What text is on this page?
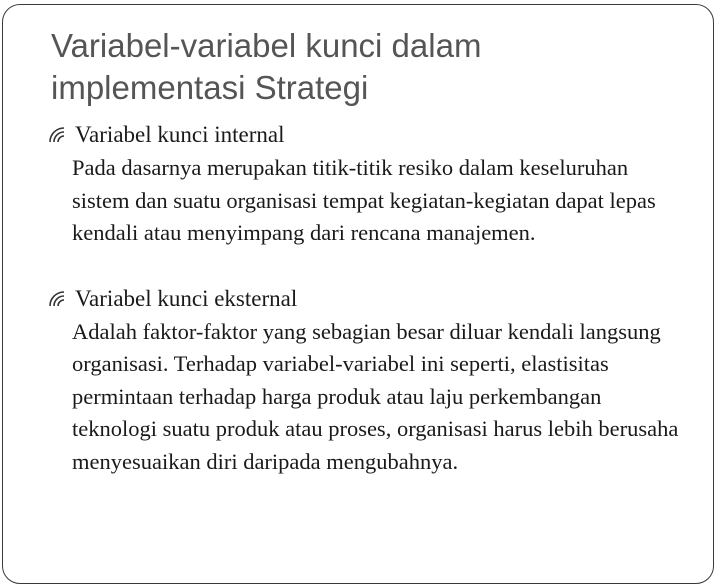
Variabel-variabel kunci dalam
implementasi Strategi
Variabel kunci internal

Pada dasarnya merupakan titik-titik resiko dalam keseluruhan sistem dan suatu organisasi tempat kegiatan-kegiatan dapat lepas kendali atau menyimpang dari rencana manajemen.

Variabel kunci eksternal

Adalah faktor-faktor yang sebagian besar diluar kendali langsung organisasi. Terhadap variabel-variabel ini seperti, elastisitas permintaan terhadap harga produk atau laju perkembangan teknologi suatu produk atau proses, organisasi harus lebih berusaha menyesuaikan diri daripada mengubahnya.
